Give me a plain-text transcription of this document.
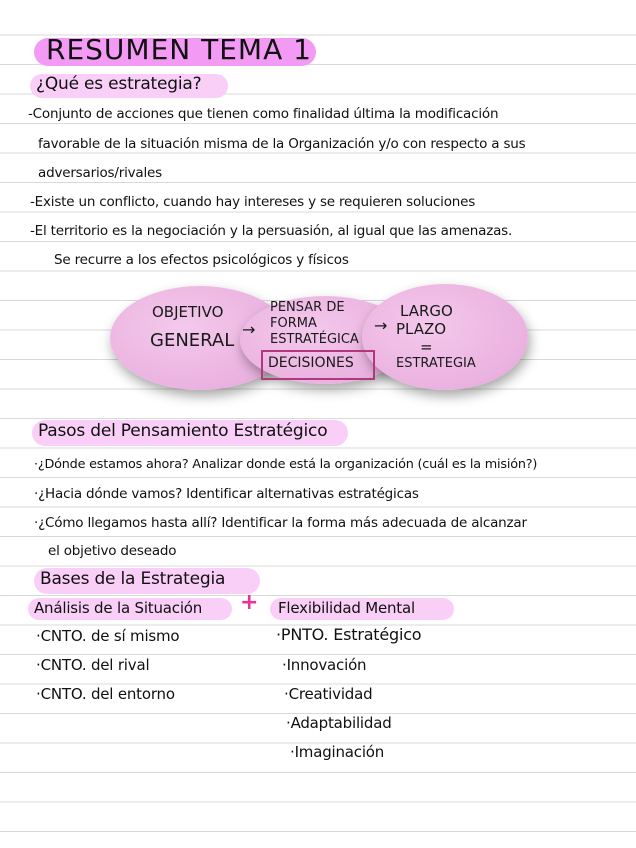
RESUMEN TEMA 1
¿Qué es estrategia?
-Conjunto de acciones que tienen como finalidad última la modificación
favorable de la situación misma de la Organización y/o con respecto a sus
adversarios/rivales
-Existe un conflicto, cuando hay intereses y se requieren soluciones
-El territorio es la negociación y la persuasión, al igual que las amenazas.
Se recurre a los efectos psicológicos y físicos
OBJETIVO
GENERAL
→
PENSAR DE
FORMA
ESTRATÉGICA
DECISIONES
→
LARGO
PLAZO
=
ESTRATEGIA
Pasos del Pensamiento Estratégico
·¿Dónde estamos ahora? Analizar donde está la organización (cuál es la misión?)
·¿Hacia dónde vamos? Identificar alternativas estratégicas
·¿Cómo llegamos hasta allí? Identificar la forma más adecuada de alcanzar
el objetivo deseado
Bases de la Estrategia
Análisis de la Situación + Flexibilidad Mental
·CNTO. de sí mismo
·CNTO. del rival
·CNTO. del entorno
·PNTO. Estratégico
·Innovación
·Creatividad
·Adaptabilidad
·Imaginación
